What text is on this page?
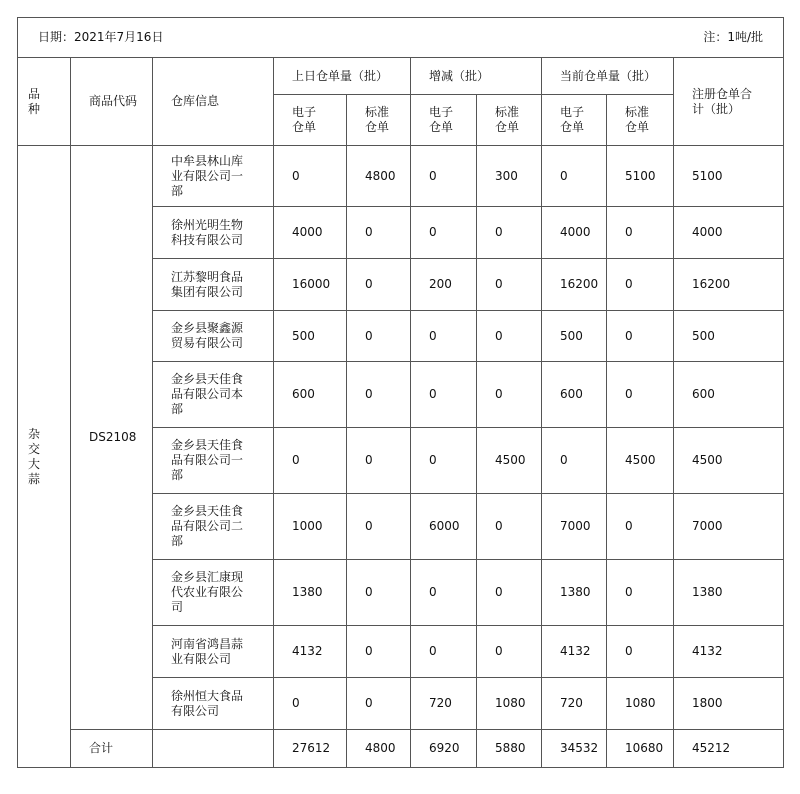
日期：2021年7月16日 注：1吨/批									

品种	商品代码	仓库信息	上日仓单量（批）		增减（批）		当前仓单量（批）		注册仓单合计（批）
			电子仓单	标准仓单	电子仓单	标准仓单	电子仓单	标准仓单	
杂交大蒜	DS2108	中牟县林山库业有限公司一部	0	4800	0	300	0	5100	5100
		徐州光明生物科技有限公司	4000	0	0	0	4000	0	4000
		江苏黎明食品集团有限公司	16000	0	200	0	16200	0	16200
		金乡县聚鑫源贸易有限公司	500	0	0	0	500	0	500
		金乡县天佳食品有限公司本部	600	0	0	0	600	0	600
		金乡县天佳食品有限公司一部	0	0	0	4500	0	4500	4500
		金乡县天佳食品有限公司二部	1000	0	6000	0	7000	0	7000
		金乡县汇康现代农业有限公司	1380	0	0	0	1380	0	1380
		河南省鸿昌蒜业有限公司	4132	0	0	0	4132	0	4132
		徐州恒大食品有限公司	0	0	720	1080	720	1080	1800
	合计		27612	4800	6920	5880	34532	10680	45212
